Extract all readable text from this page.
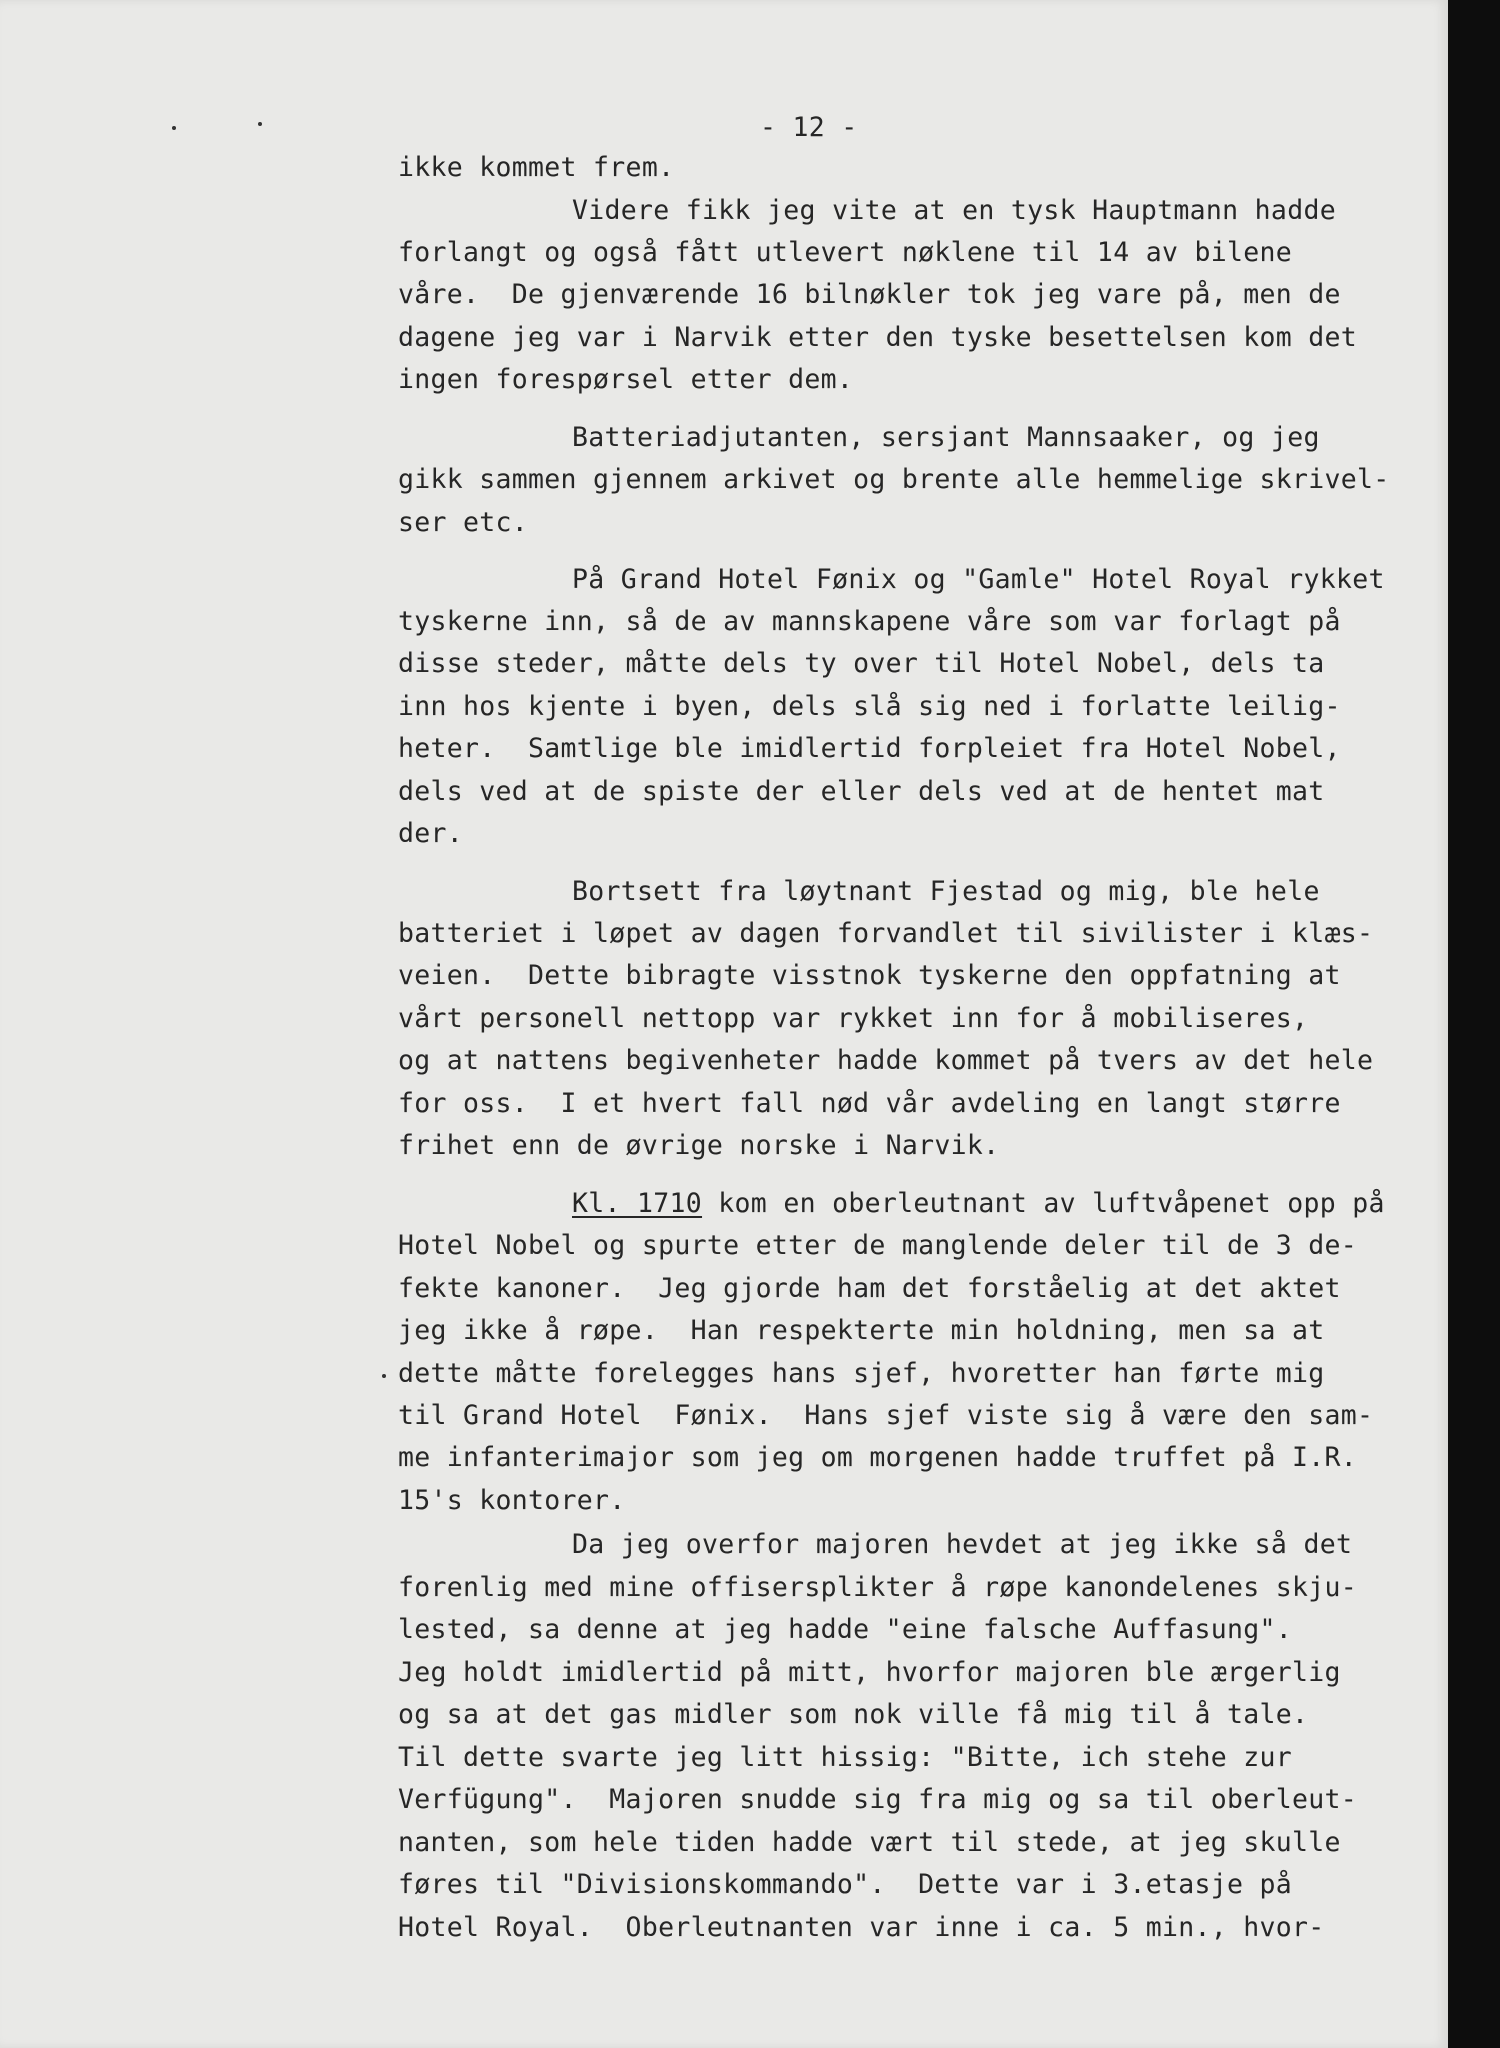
- 12 -
ikke kommet frem.
Videre fikk jeg vite at en tysk Hauptmann hadde
forlangt og også fått utlevert nøklene til 14 av bilene
våre.  De gjenværende 16 bilnøkler tok jeg vare på, men de
dagene jeg var i Narvik etter den tyske besettelsen kom det
ingen forespørsel etter dem.
Batteriadjutanten, sersjant Mannsaaker, og jeg
gikk sammen gjennem arkivet og brente alle hemmelige skrivel-
ser etc.
På Grand Hotel Fønix og "Gamle" Hotel Royal rykket
tyskerne inn, så de av mannskapene våre som var forlagt på
disse steder, måtte dels ty over til Hotel Nobel, dels ta
inn hos kjente i byen, dels slå sig ned i forlatte leilig-
heter.  Samtlige ble imidlertid forpleiet fra Hotel Nobel,
dels ved at de spiste der eller dels ved at de hentet mat
der.
Bortsett fra løytnant Fjestad og mig, ble hele
batteriet i løpet av dagen forvandlet til sivilister i klæs-
veien.  Dette bibragte visstnok tyskerne den oppfatning at
vårt personell nettopp var rykket inn for å mobiliseres,
og at nattens begivenheter hadde kommet på tvers av det hele
for oss.  I et hvert fall nød vår avdeling en langt større
frihet enn de øvrige norske i Narvik.
Kl. 1710 kom en oberleutnant av luftvåpenet opp på
Hotel Nobel og spurte etter de manglende deler til de 3 de-
fekte kanoner.  Jeg gjorde ham det forståelig at det aktet
jeg ikke å røpe.  Han respekterte min holdning, men sa at
dette måtte forelegges hans sjef, hvoretter han førte mig
til Grand Hotel  Fønix.  Hans sjef viste sig å være den sam-
me infanterimajor som jeg om morgenen hadde truffet på I.R.
15's kontorer.
Da jeg overfor majoren hevdet at jeg ikke så det
forenlig med mine offisersplikter å røpe kanondelenes skju-
lested, sa denne at jeg hadde "eine falsche Auffasung".
Jeg holdt imidlertid på mitt, hvorfor majoren ble ærgerlig
og sa at det gas midler som nok ville få mig til å tale.
Til dette svarte jeg litt hissig: "Bitte, ich stehe zur
Verfügung".  Majoren snudde sig fra mig og sa til oberleut-
nanten, som hele tiden hadde vært til stede, at jeg skulle
føres til "Divisionskommando".  Dette var i 3.etasje på
Hotel Royal.  Oberleutnanten var inne i ca. 5 min., hvor-
